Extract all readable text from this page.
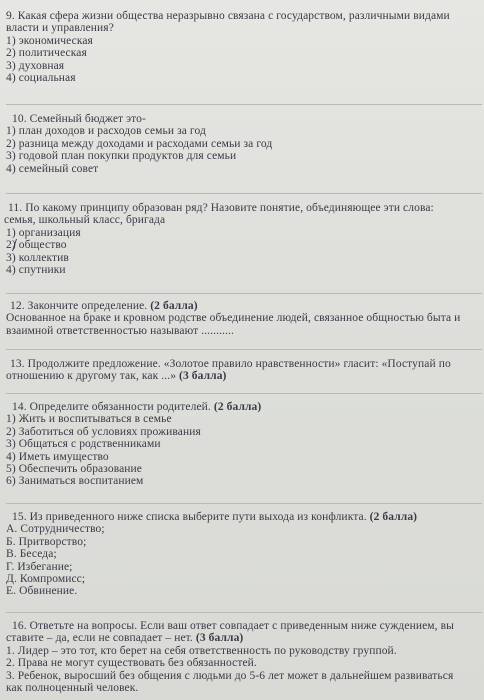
9. Какая сфера жизни общества неразрывно связана с государством, различными видами
власти и управления?
1) экономическая
2) политическая
3) духовная
4) социальная
10. Семейный бюджет это-
1) план доходов и расходов семьи за год
2) разница между доходами и расходами семьи за год
3) годовой план покупки продуктов для семьи
4) семейный совет
11. По какому принципу образован ряд? Назовите понятие, объединяющее эти слова:
семья, школьный класс, бригада
1) организация
2) общество
3) коллектив
4) спутники
12. Закончите определение. (2 балла)
Основанное на браке и кровном родстве объединение людей, связанное общностью быта и
взаимной ответственностью называют ...........
13. Продолжите предложение. «Золотое правило нравственности» гласит: «Поступай по
отношению к другому так, как ...» (3 балла)
14. Определите обязанности родителей. (2 балла)
1) Жить и воспитываться в семье
2) Заботиться об условиях проживания
3) Общаться с родственниками
4) Иметь имущество
5) Обеспечить образование
6) Заниматься воспитанием
15. Из приведенного ниже списка выберите пути выхода из конфликта. (2 балла)
А. Сотрудничество;
Б. Притворство;
В. Беседа;
Г. Избегание;
Д. Компромисс;
Е. Обвинение.
16. Ответьте на вопросы. Если ваш ответ совпадает с приведенным ниже суждением, вы
ставите – да, если не совпадает – нет. (3 балла)
1. Лидер – это тот, кто берет на себя ответственность по руководству группой.
2. Права не могут существовать без обязанностей.
3. Ребенок, выросший без общения с людьми до 5-6 лет может в дальнейшем развиваться
как полноценный человек.
